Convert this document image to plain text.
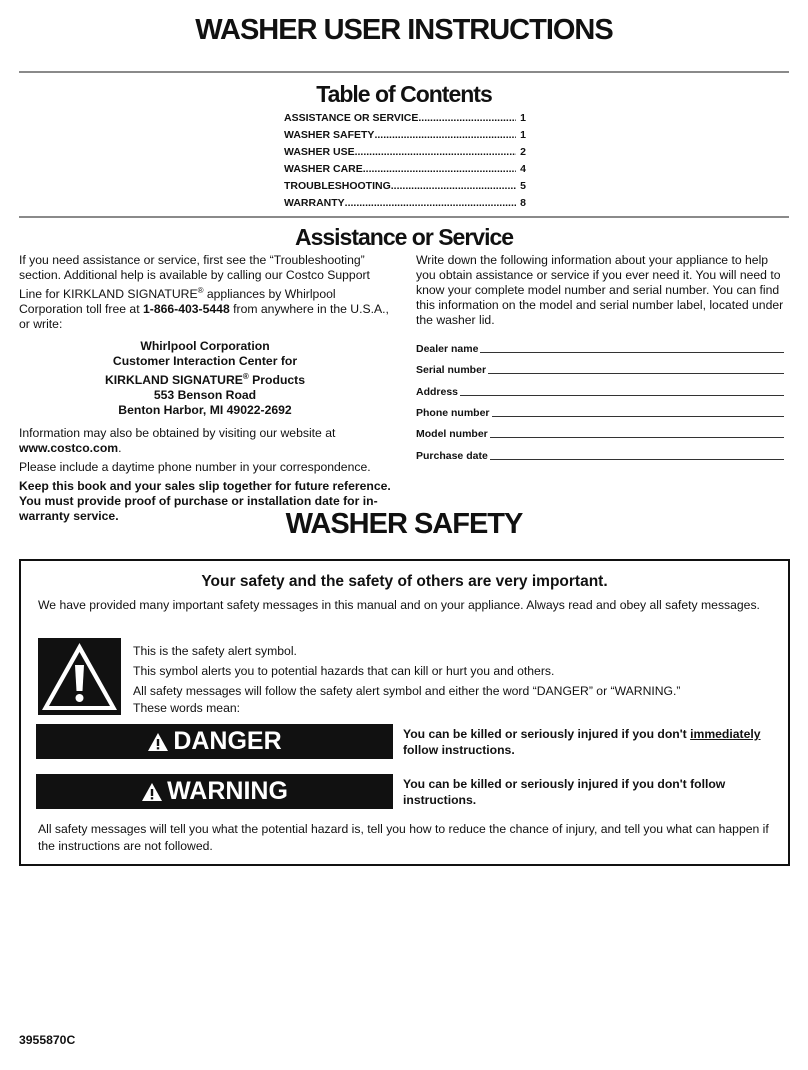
WASHER USER INSTRUCTIONS
Table of Contents
ASSISTANCE OR SERVICE .....	1
WASHER SAFETY .....	1
WASHER USE .....	2
WASHER CARE .....	4
TROUBLESHOOTING .....	5
WARRANTY .....	8
Assistance or Service

If you need assistance or service, first see the “Troubleshooting” section. Additional help is available by calling our Costco Support Line for KIRKLAND SIGNATURE® appliances by Whirlpool Corporation toll free at 1-866-403-5448 from anywhere in the U.S.A., or write:

Whirlpool Corporation
Customer Interaction Center for
KIRKLAND SIGNATURE® Products
553 Benson Road
Benton Harbor, MI 49022-2692

Information may also be obtained by visiting our website at www.costco.com.

Please include a daytime phone number in your correspondence.

Keep this book and your sales slip together for future reference. You must provide proof of purchase or installation date for in-warranty service.

Write down the following information about your appliance to help you obtain assistance or service if you ever need it. You will need to know your complete model number and serial number. You can find this information on the model and serial number label, located under the washer lid.

Dealer name
Serial number
Address
Phone number
Model number
Purchase date
WASHER SAFETY
Your safety and the safety of others are very important.
We have provided many important safety messages in this manual and on your appliance. Always read and obey all safety messages.
This is the safety alert symbol.
This symbol alerts you to potential hazards that can kill or hurt you and others.
All safety messages will follow the safety alert symbol and either the word “DANGER” or “WARNING.”
These words mean:
DANGER	You can be killed or seriously injured if you don't immediately follow instructions.
WARNING	You can be killed or seriously injured if you don't follow instructions.
All safety messages will tell you what the potential hazard is, tell you how to reduce the chance of injury, and tell you what can happen if the instructions are not followed.
3955870C
